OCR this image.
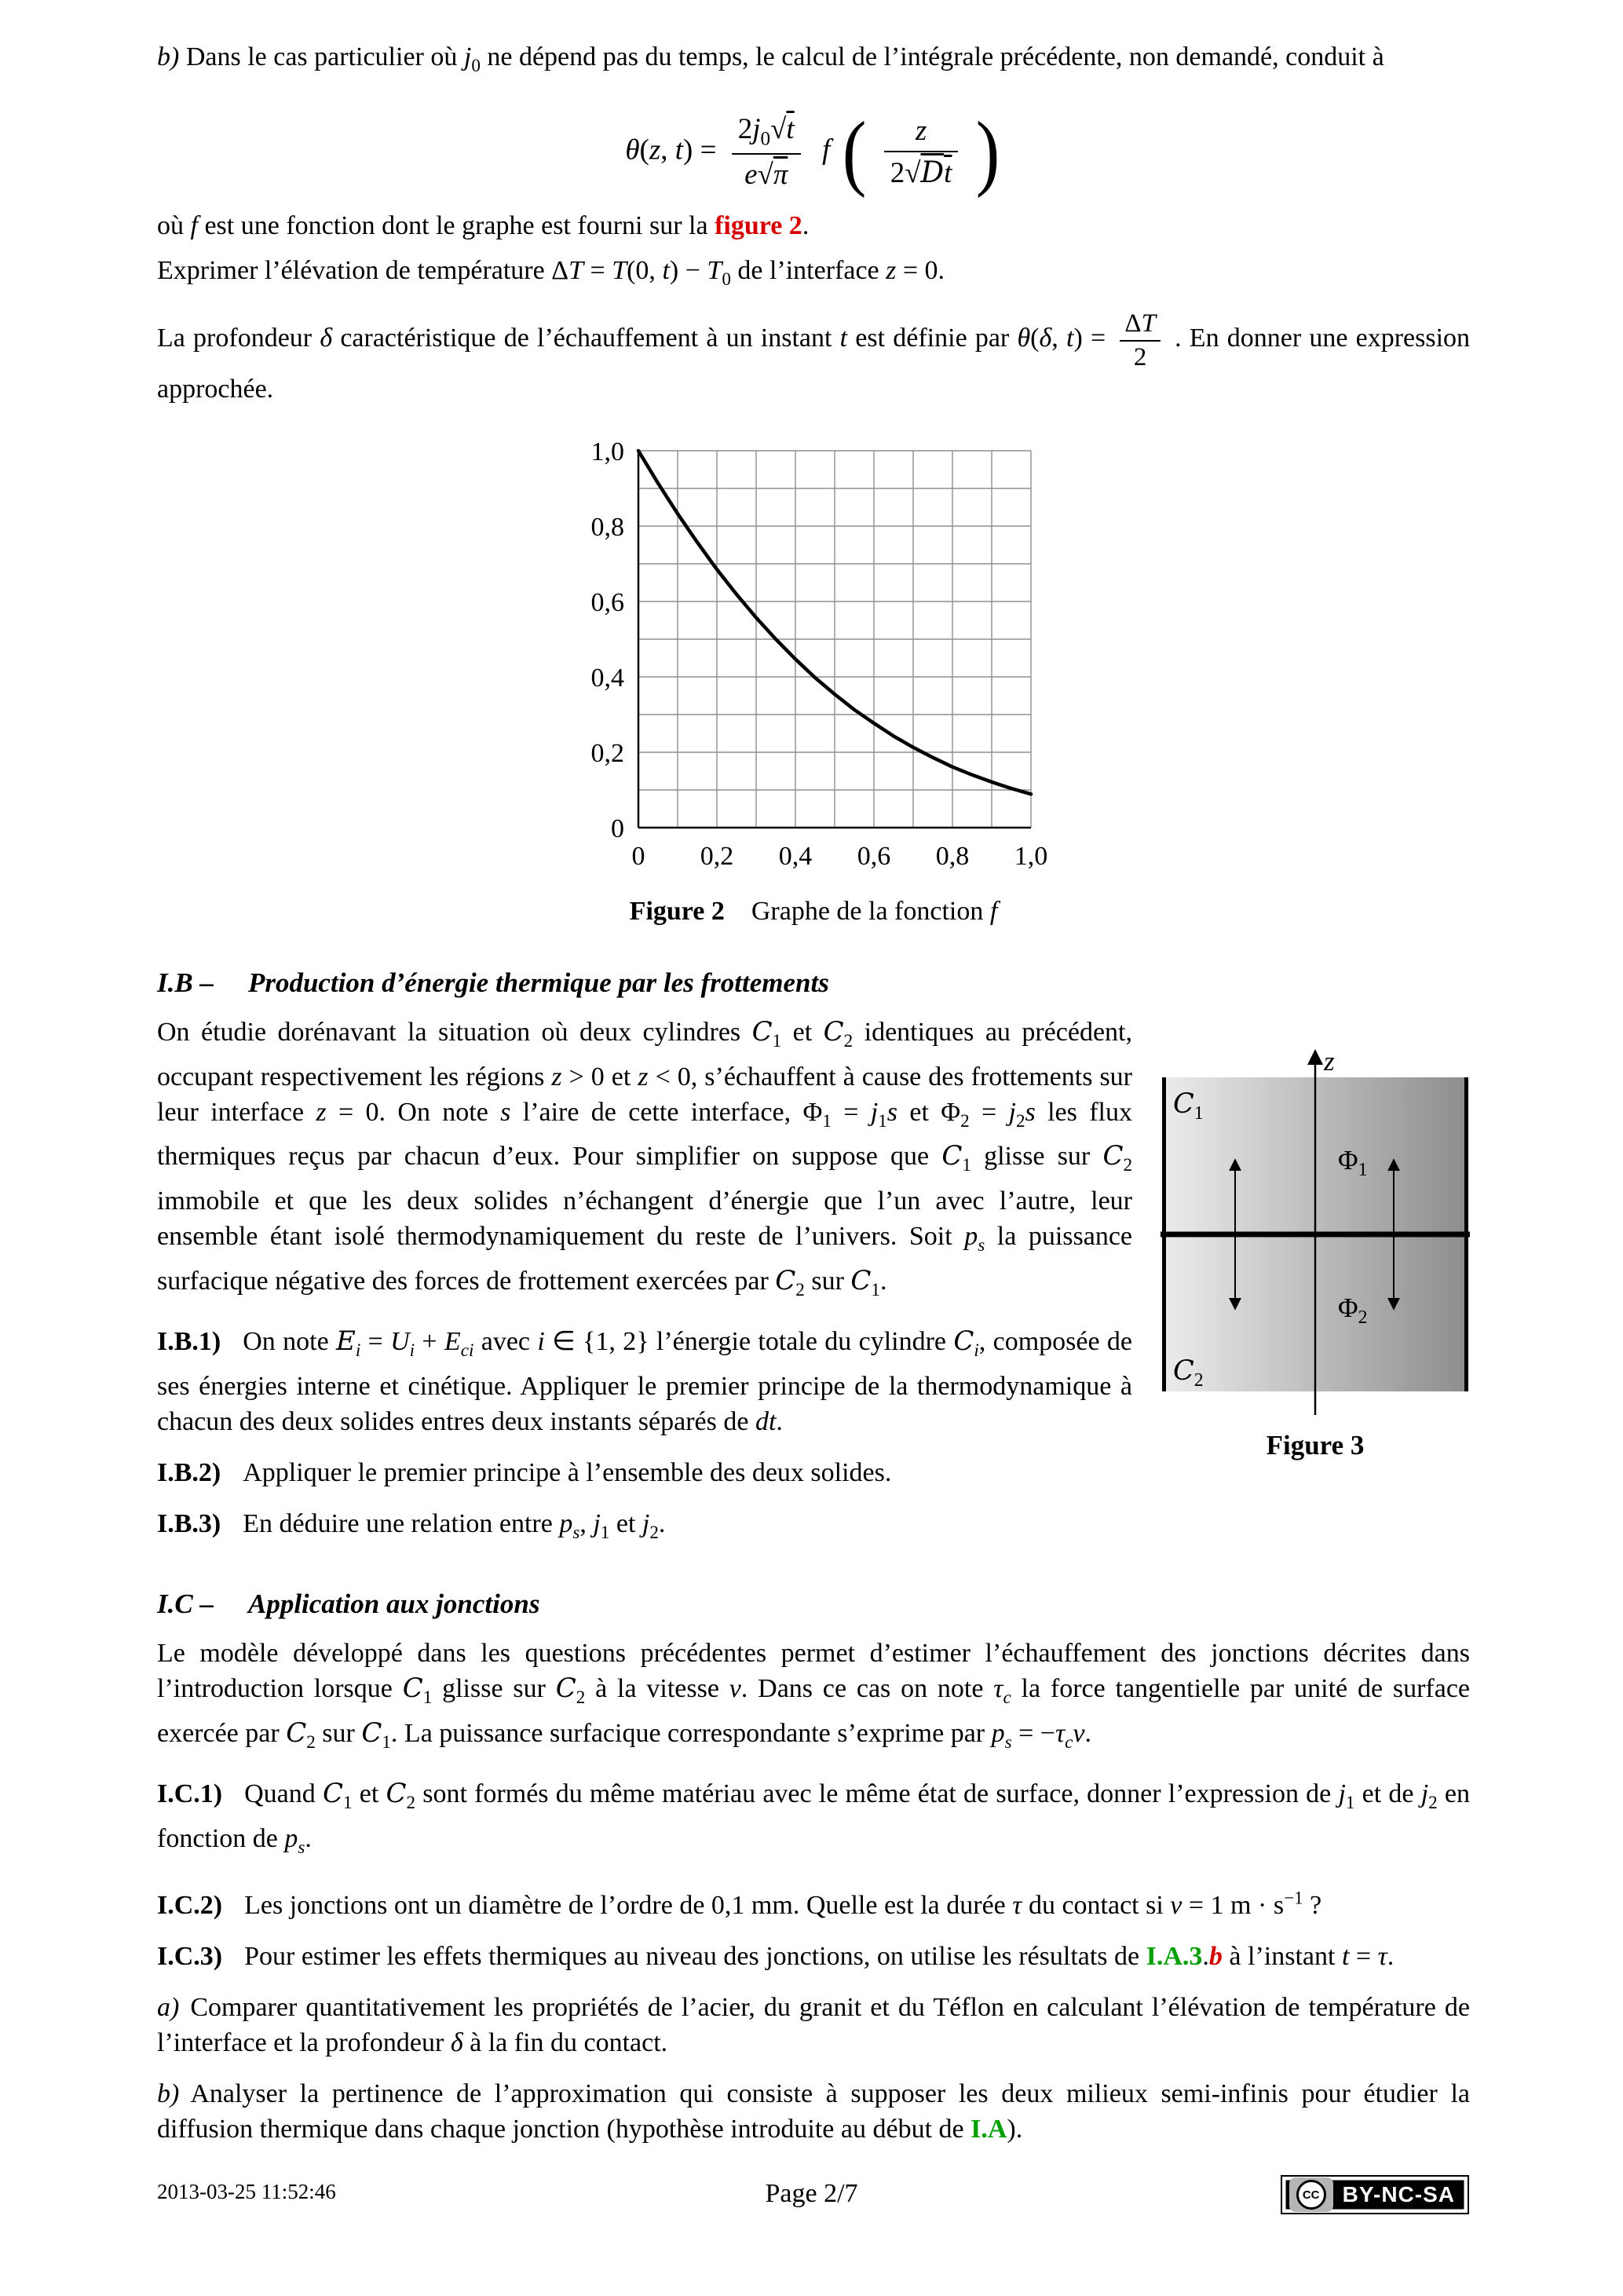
b) Dans le cas particulier où $j_0$ ne dépend pas du temps, le calcul de l’intégrale précédente, non demandé, conduit à

θ(z, $t) = \frac{2j_0√t}{e√\pi}$ f ( $\frac{z}{2√D\overline{t}}$ )

où f est une fonction dont le graphe est fourni sur la figure 2.

Exprimer l’élévation de température ΔT = T(0, $t) - T_0$ de l’interface z = 0.

La profondeur δ caractéristique de l’échauffement à un instant t est définie par θ(δ, $t) = \frac{\Delta T}{2}$ . En donner une expression approchée.

0 0,2 0,4 0,6 0,8 1,0
0
0,2
0,4
0,6
0,8
1,0
Figure 2 Graphe de la fonction f
I.B – Production d’énergie thermique par les frottements
z
$C_1$
$C_2$
$\Phi_1$
$\Phi_2$
Figure 3

On étudie dorénavant la situation où deux cylindres $C_1$ et $C_2$ identiques au précédent, occupant respectivement les régions z > 0 et z < 0, s’échauffent à cause des frottements sur leur interface z = 0. On note s l’aire de cette interface, $\Phi_1 = j_1s$ et $\Phi_2 = j_2s$ les flux thermiques reçus par chacun d’eux. Pour simplifier on suppose que $C_1$ glisse sur $C_2$ immobile et que les deux solides n’échangent d’énergie que l’un avec l’autre, leur ensemble étant isolé thermodynamiquement du reste de l’univers. Soit $p_s$ la puissance surfacique négative des forces de frottement exercées par $C_2$ sur $C_1$.

I.B.1) On note $E_i = U_i + E_{ci}$ avec i ∈ {1, 2} l’énergie totale du cylindre $C_i$, composée de ses énergies interne et cinétique. Appliquer le premier principe de la thermodynamique à chacun des deux solides entres deux instants séparés de dt.

I.B.2) Appliquer le premier principe à l’ensemble des deux solides.

I.B.3) En déduire une relation entre $p_s$, $j_1$ et $j_2$.

I.C – Application aux jonctions

Le modèle développé dans les questions précédentes permet d’estimer l’échauffement des jonctions décrites dans l’introduction lorsque $C_1$ glisse sur $C_2$ à la vitesse v. Dans ce cas on note $\tau_c$ la force tangentielle par unité de surface exercée par $C_2$ sur $C_1$. La puissance surfacique correspondante s’exprime par $p_s = -\tau_cv$.

I.C.1) Quand $C_1$ et $C_2$ sont formés du même matériau avec le même état de surface, donner l’expression de $j_1$ et de $j_2$ en fonction de $p_s$.

I.C.2) Les jonctions ont un diamètre de l’ordre de 0,1 mm. Quelle est la durée τ du contact si v = 1 $m \cdot s^{-1}$ ?

I.C.3) Pour estimer les effets thermiques au niveau des jonctions, on utilise les résultats de I.A.3.b à l’instant t = τ.

a) Comparer quantitativement les propriétés de l’acier, du granit et du Téflon en calculant l’élévation de température de l’interface et la profondeur δ à la fin du contact.

b) Analyser la pertinence de l’approximation qui consiste à supposer les deux milieux semi-infinis pour étudier la diffusion thermique dans chaque jonction (hypothèse introduite au début de I.A).

2013-03-25 11:52:46	Page 2/7	CC BY-NC-SA
